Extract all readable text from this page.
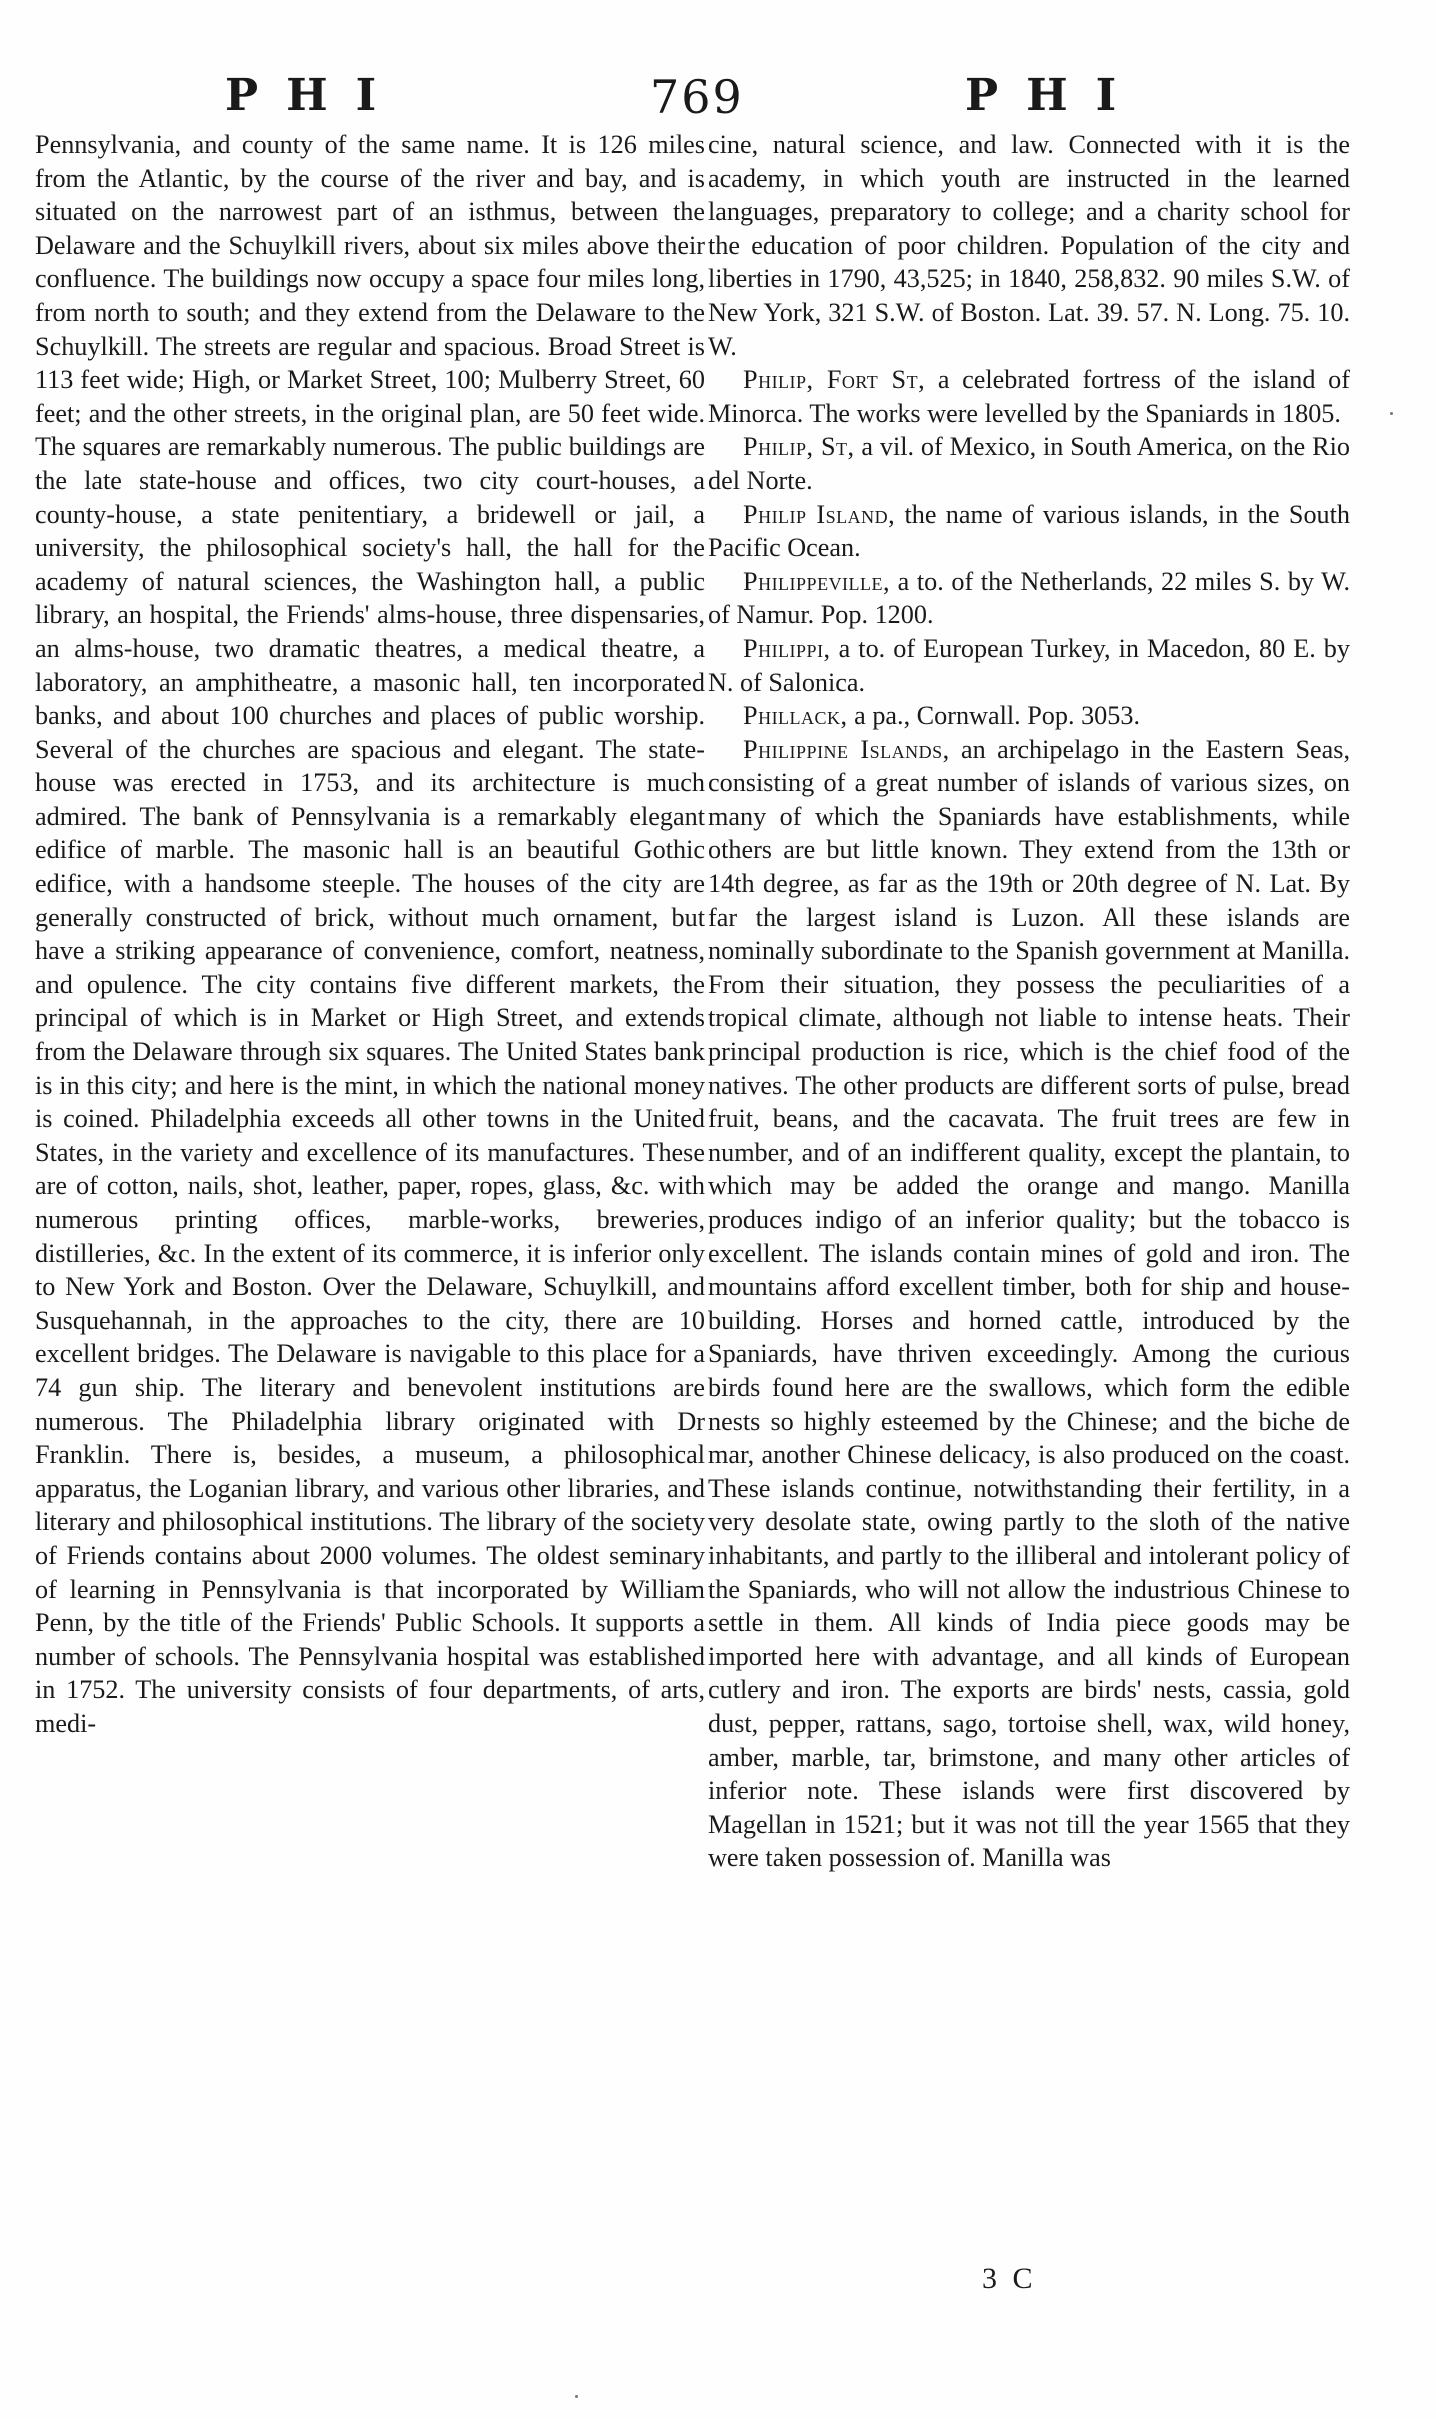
PHI	769	PHI

Pennsylvania, and county of the same name. It is 126 miles from the Atlantic, by the course of the river and bay, and is situated on the narrowest part of an isthmus, between the Delaware and the Schuylkill rivers, about six miles above their confluence. The buildings now occupy a space four miles long, from north to south; and they extend from the Delaware to the Schuylkill. The streets are regular and spacious. Broad Street is 113 feet wide; High, or Market Street, 100; Mulberry Street, 60 feet; and the other streets, in the original plan, are 50 feet wide. The squares are remarkably numerous. The public buildings are the late state-house and offices, two city court-houses, a county-house, a state penitentiary, a bridewell or jail, a university, the philosophical society's hall, the hall for the academy of natural sciences, the Washington hall, a public library, an hospital, the Friends' alms-house, three dispensaries, an alms-house, two dramatic theatres, a medical theatre, a laboratory, an amphitheatre, a masonic hall, ten incorporated banks, and about 100 churches and places of public worship. Several of the churches are spacious and elegant. The state-house was erected in 1753, and its architecture is much admired. The bank of Pennsylvania is a remarkably elegant edifice of marble. The masonic hall is an beautiful Gothic edifice, with a handsome steeple. The houses of the city are generally constructed of brick, without much ornament, but have a striking appearance of convenience, comfort, neatness, and opulence. The city contains five different markets, the principal of which is in Market or High Street, and extends from the Delaware through six squares. The United States bank is in this city; and here is the mint, in which the national money is coined. Philadelphia exceeds all other towns in the United States, in the variety and excellence of its manufactures. These are of cotton, nails, shot, leather, paper, ropes, glass, &c. with numerous printing offices, marble-works, breweries, distilleries, &c. In the extent of its commerce, it is inferior only to New York and Boston. Over the Delaware, Schuylkill, and Susquehannah, in the approaches to the city, there are 10 excellent bridges. The Delaware is navigable to this place for a 74 gun ship. The literary and benevolent institutions are numerous. The Philadelphia library originated with Dr Franklin. There is, besides, a museum, a philosophical apparatus, the Loganian library, and various other libraries, and literary and philosophical institutions. The library of the society of Friends contains about 2000 volumes. The oldest seminary of learning in Pennsylvania is that incorporated by William Penn, by the title of the Friends' Public Schools. It supports a number of schools. The Pennsylvania hospital was established in 1752. The university consists of four departments, of arts, medi-

cine, natural science, and law. Connected with it is the academy, in which youth are instructed in the learned languages, preparatory to college; and a charity school for the education of poor children. Population of the city and liberties in 1790, 43,525; in 1840, 258,832. 90 miles S.W. of New York, 321 S.W. of Boston. Lat. 39. 57. N. Long. 75. 10. W.

Philip, Fort St, a celebrated fortress of the island of Minorca. The works were levelled by the Spaniards in 1805.

Philip, St, a vil. of Mexico, in South America, on the Rio del Norte.

Philip Island, the name of various islands, in the South Pacific Ocean.

Philippeville, a to. of the Netherlands, 22 miles S. by W. of Namur. Pop. 1200.

Philippi, a to. of European Turkey, in Macedon, 80 E. by N. of Salonica.

Phillack, a pa., Cornwall. Pop. 3053.

Philippine Islands, an archipelago in the Eastern Seas, consisting of a great number of islands of various sizes, on many of which the Spaniards have establishments, while others are but little known. They extend from the 13th or 14th degree, as far as the 19th or 20th degree of N. Lat. By far the largest island is Luzon. All these islands are nominally subordinate to the Spanish government at Manilla. From their situation, they possess the peculiarities of a tropical climate, although not liable to intense heats. Their principal production is rice, which is the chief food of the natives. The other products are different sorts of pulse, bread fruit, beans, and the cacavata. The fruit trees are few in number, and of an indifferent quality, except the plantain, to which may be added the orange and mango. Manilla produces indigo of an inferior quality; but the tobacco is excellent. The islands contain mines of gold and iron. The mountains afford excellent timber, both for ship and house-building. Horses and horned cattle, introduced by the Spaniards, have thriven exceedingly. Among the curious birds found here are the swallows, which form the edible nests so highly esteemed by the Chinese; and the biche de mar, another Chinese delicacy, is also produced on the coast. These islands continue, notwithstanding their fertility, in a very desolate state, owing partly to the sloth of the native inhabitants, and partly to the illiberal and intolerant policy of the Spaniards, who will not allow the industrious Chinese to settle in them. All kinds of India piece goods may be imported here with advantage, and all kinds of European cutlery and iron. The exports are birds' nests, cassia, gold dust, pepper, rattans, sago, tortoise shell, wax, wild honey, amber, marble, tar, brimstone, and many other articles of inferior note. These islands were first discovered by Magellan in 1521; but it was not till the year 1565 that they were taken possession of. Manilla was

3 C
